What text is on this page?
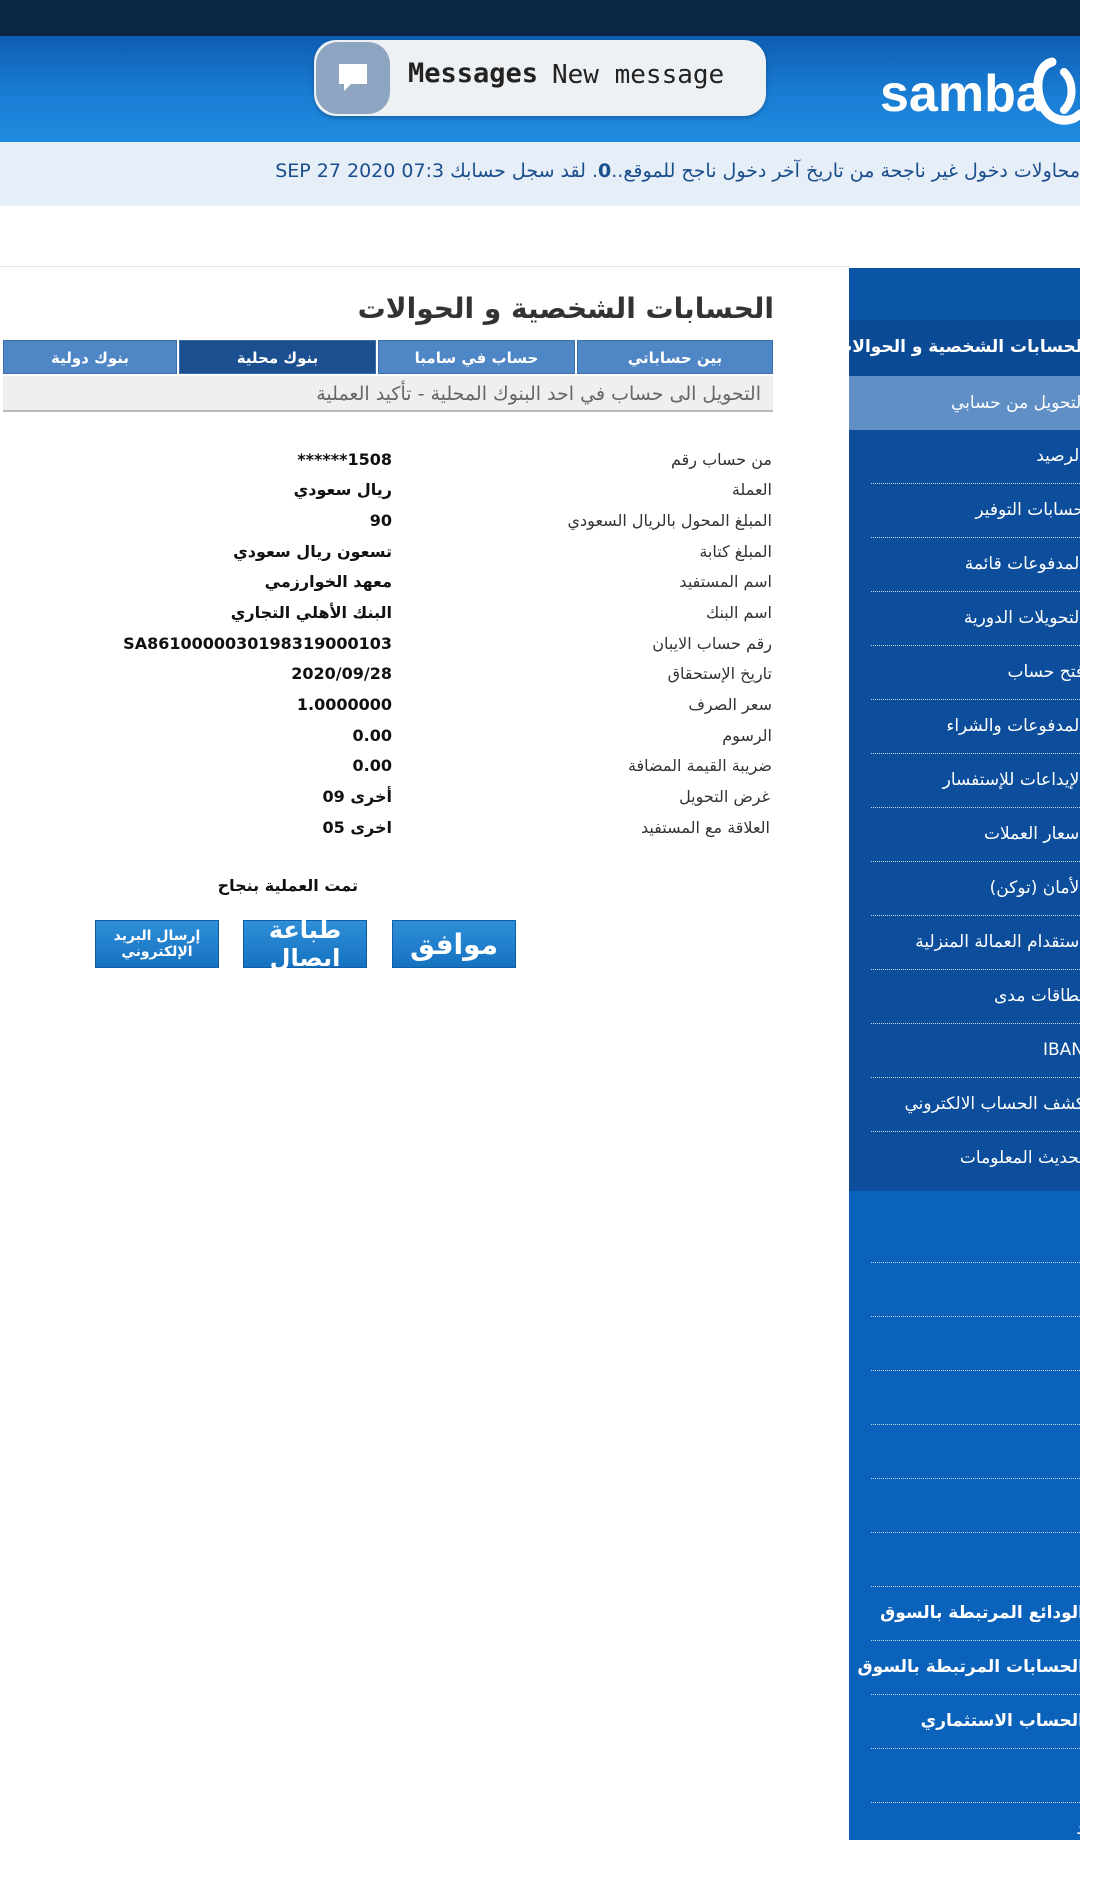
Messages New message	samba
محاولات دخول غير ناجحة من تاريخ آخر دخول ناجح للموقع..0. لقد سجل حسابك SEP 27 2020 07:3
الحسابات الشخصية و الحوالات
التحويل من حسابي
الرصيد
حسابات التوفير
المدفوعات قائمة
التحويلات الدورية
فتح حساب
المدفوعات والشراء
الإيداعات للإستفسار
أسعار العملات
الأمان (توكن)
استقدام العمالة المنزلية
بطاقات مدى
IBAN
كشف الحساب الالكتروني
تحديث المعلومات
الودائع المرتبطة بالسوق
الحسابات المرتبطة بالسوق
الحساب الاستثماري
د
الحسابات الشخصية و الحوالات
بين حساباتي
حساب في سامبا
بنوك محلية
بنوك دولية
التحويل الى حساب في احد البنوك المحلية - تأكيد العملية
من حساب رقم
******1508
العملة
ريال سعودي
المبلغ المحول بالريال السعودي
90
المبلغ كتابة
تسعون ريال سعودي
اسم المستفيد
معهد الخوارزمي
اسم البنك
البنك الأهلي التجاري
رقم حساب الايبان
SA8610000030198319000103
تاريخ الإستحقاق
2020/09/28
سعر الصرف
1.0000000
الرسوم
0.00
ضريبة القيمة المضافة
0.00
غرض التحويل
09 أخرى
العلاقة مع المستفيد
05 اخرى
تمت العملية بنجاح
موافق
طباعة ايصال
إرسال البريد
الإلكتروني
